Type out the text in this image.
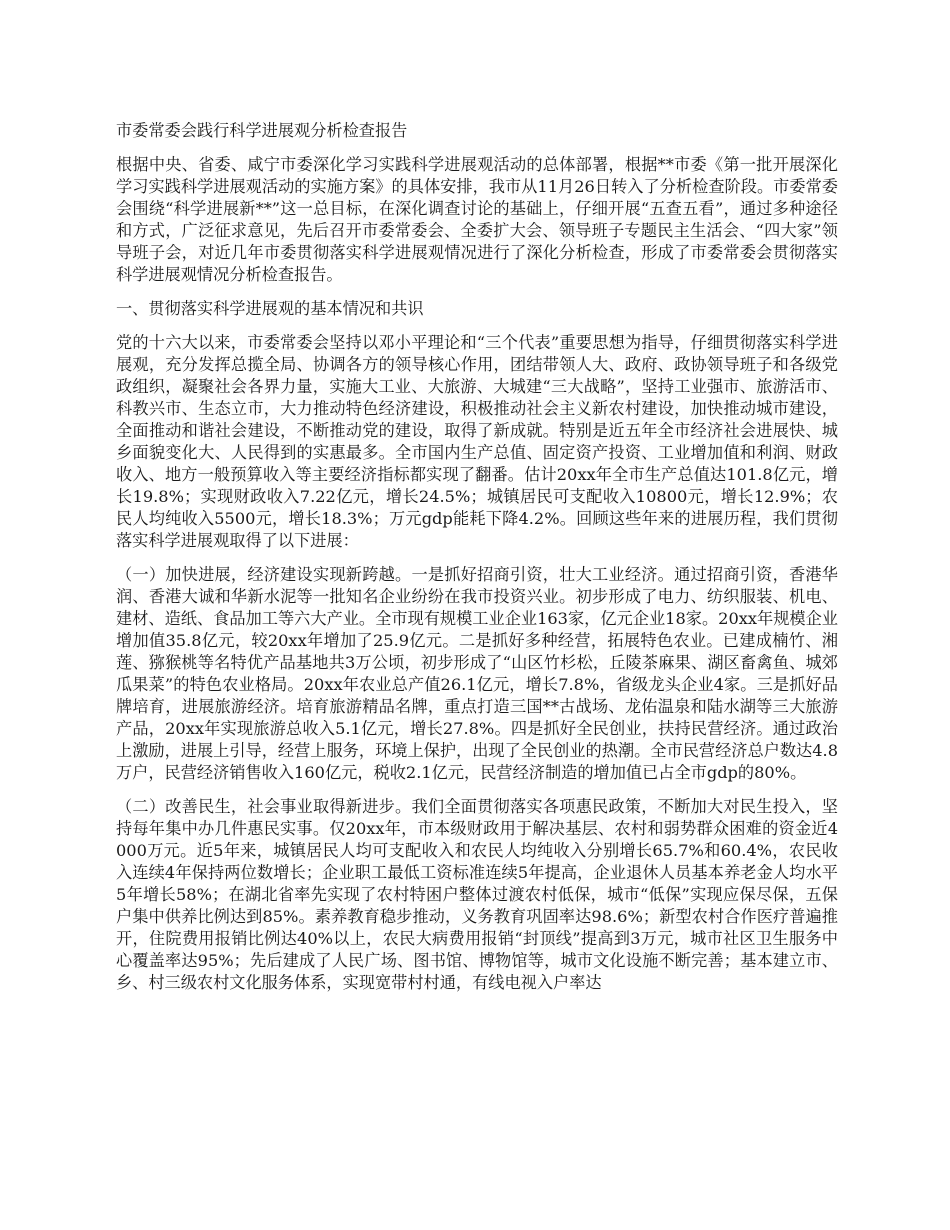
市委常委会践行科学进展观分析检查报告

根据中央、省委、咸宁市委深化学习实践科学进展观活动的总体部署，根据**市委《第一批开展深化学习实践科学进展观活动的实施方案》的具体安排，我市从11月26日转入了分析检查阶段。市委常委会围绕“科学进展新**”这一总目标，在深化调查讨论的基础上，仔细开展“五查五看”，通过多种途径和方式，广泛征求意见，先后召开市委常委会、全委扩大会、领导班子专题民主生活会、“四大家”领导班子会，对近几年市委贯彻落实科学进展观情况进行了深化分析检查，形成了市委常委会贯彻落实科学进展观情况分析检查报告。

一、贯彻落实科学进展观的基本情况和共识

党的十六大以来，市委常委会坚持以邓小平理论和“三个代表”重要思想为指导，仔细贯彻落实科学进展观，充分发挥总揽全局、协调各方的领导核心作用，团结带领人大、政府、政协领导班子和各级党政组织，凝聚社会各界力量，实施大工业、大旅游、大城建“三大战略”，坚持工业强市、旅游活市、科教兴市、生态立市，大力推动特色经济建设，积极推动社会主义新农村建设，加快推动城市建设，全面推动和谐社会建设，不断推动党的建设，取得了新成就。特别是近五年全市经济社会进展快、城乡面貌变化大、人民得到的实惠最多。全市国内生产总值、固定资产投资、工业增加值和利润、财政收入、地方一般预算收入等主要经济指标都实现了翻番。估计20xx年全市生产总值达101.8亿元，增长19.8%；实现财政收入7.22亿元，增长24.5%；城镇居民可支配收入10800元，增长12.9%；农民人均纯收入5500元，增长18.3%；万元gdp能耗下降4.2%。回顾这些年来的进展历程，我们贯彻落实科学进展观取得了以下进展：

（一）加快进展，经济建设实现新跨越。一是抓好招商引资，壮大工业经济。通过招商引资，香港华润、香港大诚和华新水泥等一批知名企业纷纷在我市投资兴业。初步形成了电力、纺织服装、机电、建材、造纸、食品加工等六大产业。全市现有规模工业企业163家，亿元企业18家。20xx年规模企业增加值35.8亿元，较20xx年增加了25.9亿元。二是抓好多种经营，拓展特色农业。已建成楠竹、湘莲、猕猴桃等名特优产品基地共3万公顷，初步形成了“山区竹杉松，丘陵茶麻果、湖区畜禽鱼、城郊瓜果菜”的特色农业格局。20xx年农业总产值26.1亿元，增长7.8%，省级龙头企业4家。三是抓好品牌培育，进展旅游经济。培育旅游精品名牌，重点打造三国**古战场、龙佑温泉和陆水湖等三大旅游产品，20xx年实现旅游总收入5.1亿元，增长27.8%。四是抓好全民创业，扶持民营经济。通过政治上激励，进展上引导，经营上服务，环境上保护，出现了全民创业的热潮。全市民营经济总户数达4.8万户，民营经济销售收入160亿元，税收2.1亿元，民营经济制造的增加值已占全市gdp的80%。

（二）改善民生，社会事业取得新进步。我们全面贯彻落实各项惠民政策，不断加大对民生投入，坚持每年集中办几件惠民实事。仅20xx年，市本级财政用于解决基层、农村和弱势群众困难的资金近4000万元。近5年来，城镇居民人均可支配收入和农民人均纯收入分别增长65.7%和60.4%，农民收入连续4年保持两位数增长；企业职工最低工资标准连续5年提高，企业退休人员基本养老金人均水平5年增长58%；在湖北省率先实现了农村特困户整体过渡农村低保，城市“低保”实现应保尽保，五保户集中供养比例达到85%。素养教育稳步推动，义务教育巩固率达98.6%；新型农村合作医疗普遍推开，住院费用报销比例达40%以上，农民大病费用报销“封顶线”提高到3万元，城市社区卫生服务中心覆盖率达95%；先后建成了人民广场、图书馆、博物馆等，城市文化设施不断完善；基本建立市、乡、村三级农村文化服务体系，实现宽带村村通，有线电视入户率达
